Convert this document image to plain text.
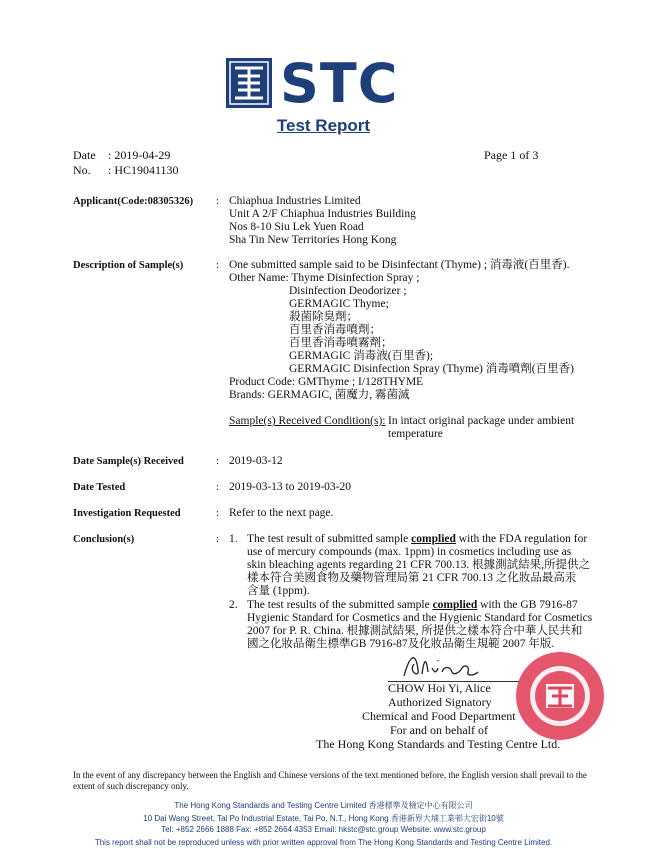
STC
Test Report
Date : 2019-04-29
No. : HC19041130
Page 1 of 3
Applicant(Code:08305326) : Chiaphua Industries Limited
Unit A 2/F Chiaphua Industries Building
Nos 8-10 Siu Lek Yuen Road
Sha Tin New Territories Hong Kong
Description of Sample(s)	: One submitted sample said to be Disinfectant (Thyme) ; 消毒液(百里香).
Other Name: Thyme Disinfection Spray ;
Disinfection Deodorizer ;
GERMAGIC Thyme;
殺菌除臭劑；
百里香消毒噴劑；
百里香消毒噴霧劑；
GERMAGIC 消毒液(百里香);
GERMAGIC Disinfection Spray (Thyme) 消毒噴劑(百里香)
Product Code: GMThyme ; I/128THYME
Brands: GERMAGIC, 菌魔力, 霧菌滅
Sample(s) Received Condition(s): In intact original package under ambient
temperature
Date Sample(s) Received	: 2019-03-12
Date Tested	: 2019-03-13 to 2019-03-20
Investigation Requested	: Refer to the next page.
Conclusion(s)	: 1. The test result of submitted sample complied with the FDA regulation for
use of mercury compounds (max. 1ppm) in cosmetics including use as
skin bleaching agents regarding 21 CFR 700.13. 根據測試結果,所提供之
樣本符合美國食物及藥物管理局第 21 CFR 700.13 之化妝品最高汞
含量 (1ppm).
2. The test results of the submitted sample complied with the GB 7916-87
Hygienic Standard for Cosmetics and the Hygienic Standard for Cosmetics
2007 for P. R. China. 根據測試結果, 所提供之樣本符合中華人民共和
國之化妝品衛生標準GB 7916-87及化妝品衛生規範 2007 年版.
CHOW Hoi Yi, Alice
Authorized Signatory
Chemical and Food Department
For and on behalf of
The Hong Kong Standards and Testing Centre Ltd.
In the event of any discrepancy between the English and Chinese versions of the text mentioned before, the English version shall prevail to the extent of such discrepancy only.
The Hong Kong Standards and Testing Centre Limited 香港標準及檢定中心有限公司
10 Dai Wang Street, Tai Po Industrial Estate, Tai Po, N.T., Hong Kong 香港新界大埔工業邨大宏街10號
Tel: +852 2666 1888 Fax: +852 2664 4353 Email: hkstc@stc.group Website: www.stc.group
This report shall not be reproduced unless with prior written approval from The Hong Kong Standards and Testing Centre Limited.
